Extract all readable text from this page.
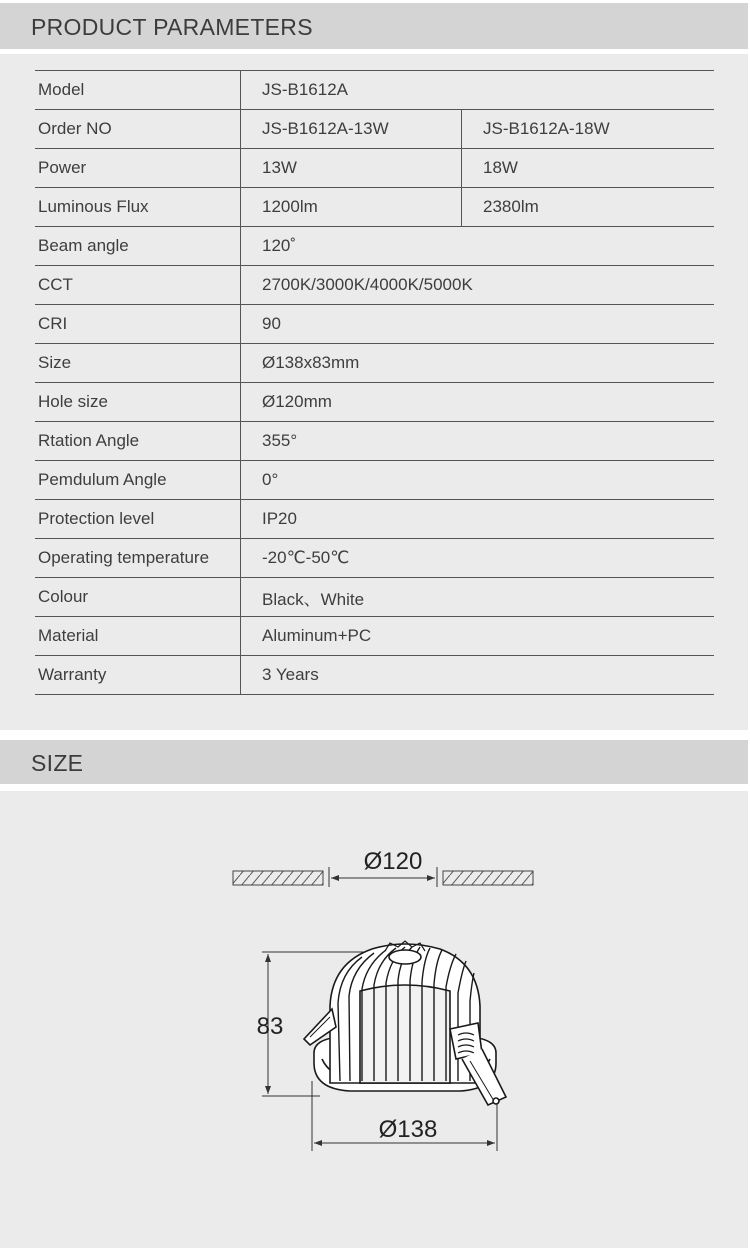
PRODUCT PARAMETERS
Model	JS-B1612A	
Order NO	JS-B1612A-13W	JS-B1612A-18W
Power	13W	18W
Luminous Flux	1200lm	2380lm
Beam angle	120˚	
CCT	2700K/3000K/4000K/5000K	
CRI	90	
Size	Ø138x83mm	
Hole size	Ø120mm	
Rtation Angle	355°	
Pemdulum Angle	0°	
Protection level	IP20	
Operating temperature	-20℃-50℃	
Colour	Black、White	
Material	Aluminum+PC	
Warranty	3 Years	
SIZE
Ø120
83
Ø138
